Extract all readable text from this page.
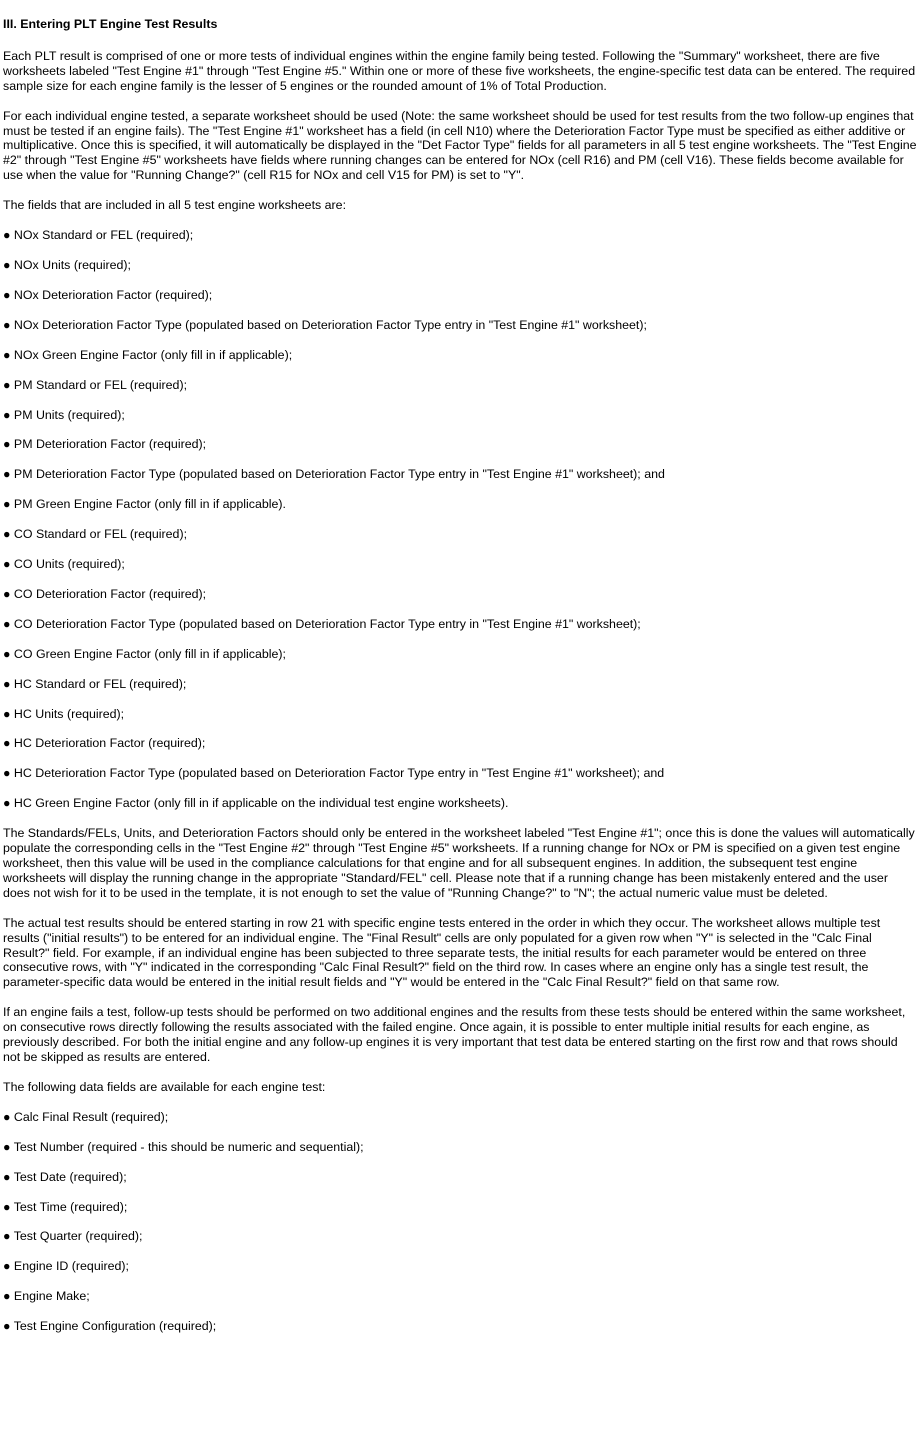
III. Entering PLT Engine Test Results

Each PLT result is comprised of one or more tests of individual engines within the engine family being tested. Following the "Summary" worksheet, there are five worksheets labeled "Test Engine #1" through "Test Engine #5." Within one or more of these five worksheets, the engine-specific test data can be entered. The required sample size for each engine family is the lesser of 5 engines or the rounded amount of 1% of Total Production.

For each individual engine tested, a separate worksheet should be used (Note: the same worksheet should be used for test results from the two follow-up engines that must be tested if an engine fails). The "Test Engine #1" worksheet has a field (in cell N10) where the Deterioration Factor Type must be specified as either additive or multiplicative. Once this is specified, it will automatically be displayed in the "Det Factor Type" fields for all parameters in all 5 test engine worksheets. The "Test Engine #2" through "Test Engine #5" worksheets have fields where running changes can be entered for NOx (cell R16) and PM (cell V16). These fields become available for use when the value for "Running Change?" (cell R15 for NOx and cell V15 for PM) is set to "Y".

The fields that are included in all 5 test engine worksheets are:

● NOx Standard or FEL (required);
● NOx Units (required);
● NOx Deterioration Factor (required);
● NOx Deterioration Factor Type (populated based on Deterioration Factor Type entry in "Test Engine #1" worksheet);
● NOx Green Engine Factor (only fill in if applicable);
● PM Standard or FEL (required);
● PM Units (required);
● PM Deterioration Factor (required);
● PM Deterioration Factor Type (populated based on Deterioration Factor Type entry in "Test Engine #1" worksheet); and
● PM Green Engine Factor (only fill in if applicable).
● CO Standard or FEL (required);
● CO Units (required);
● CO Deterioration Factor (required);
● CO Deterioration Factor Type (populated based on Deterioration Factor Type entry in "Test Engine #1" worksheet);
● CO Green Engine Factor (only fill in if applicable);
● HC Standard or FEL (required);
● HC Units (required);
● HC Deterioration Factor (required);
● HC Deterioration Factor Type (populated based on Deterioration Factor Type entry in "Test Engine #1" worksheet); and
● HC Green Engine Factor (only fill in if applicable on the individual test engine worksheets).

The Standards/FELs, Units, and Deterioration Factors should only be entered in the worksheet labeled "Test Engine #1"; once this is done the values will automatically populate the corresponding cells in the "Test Engine #2" through "Test Engine #5" worksheets. If a running change for NOx or PM is specified on a given test engine worksheet, then this value will be used in the compliance calculations for that engine and for all subsequent engines. In addition, the subsequent test engine worksheets will display the running change in the appropriate "Standard/FEL" cell. Please note that if a running change has been mistakenly entered and the user does not wish for it to be used in the template, it is not enough to set the value of "Running Change?" to "N"; the actual numeric value must be deleted.

The actual test results should be entered starting in row 21 with specific engine tests entered in the order in which they occur. The worksheet allows multiple test results ("initial results") to be entered for an individual engine. The "Final Result" cells are only populated for a given row when "Y" is selected in the "Calc Final Result?" field. For example, if an individual engine has been subjected to three separate tests, the initial results for each parameter would be entered on three consecutive rows, with "Y" indicated in the corresponding "Calc Final Result?" field on the third row. In cases where an engine only has a single test result, the parameter-specific data would be entered in the initial result fields and "Y" would be entered in the "Calc Final Result?" field on that same row.

If an engine fails a test, follow-up tests should be performed on two additional engines and the results from these tests should be entered within the same worksheet, on consecutive rows directly following the results associated with the failed engine. Once again, it is possible to enter multiple initial results for each engine, as previously described. For both the initial engine and any follow-up engines it is very important that test data be entered starting on the first row and that rows should not be skipped as results are entered.

The following data fields are available for each engine test:

● Calc Final Result (required);
● Test Number (required - this should be numeric and sequential);
● Test Date (required);
● Test Time (required);
● Test Quarter (required);
● Engine ID (required);
● Engine Make;
● Test Engine Configuration (required);
